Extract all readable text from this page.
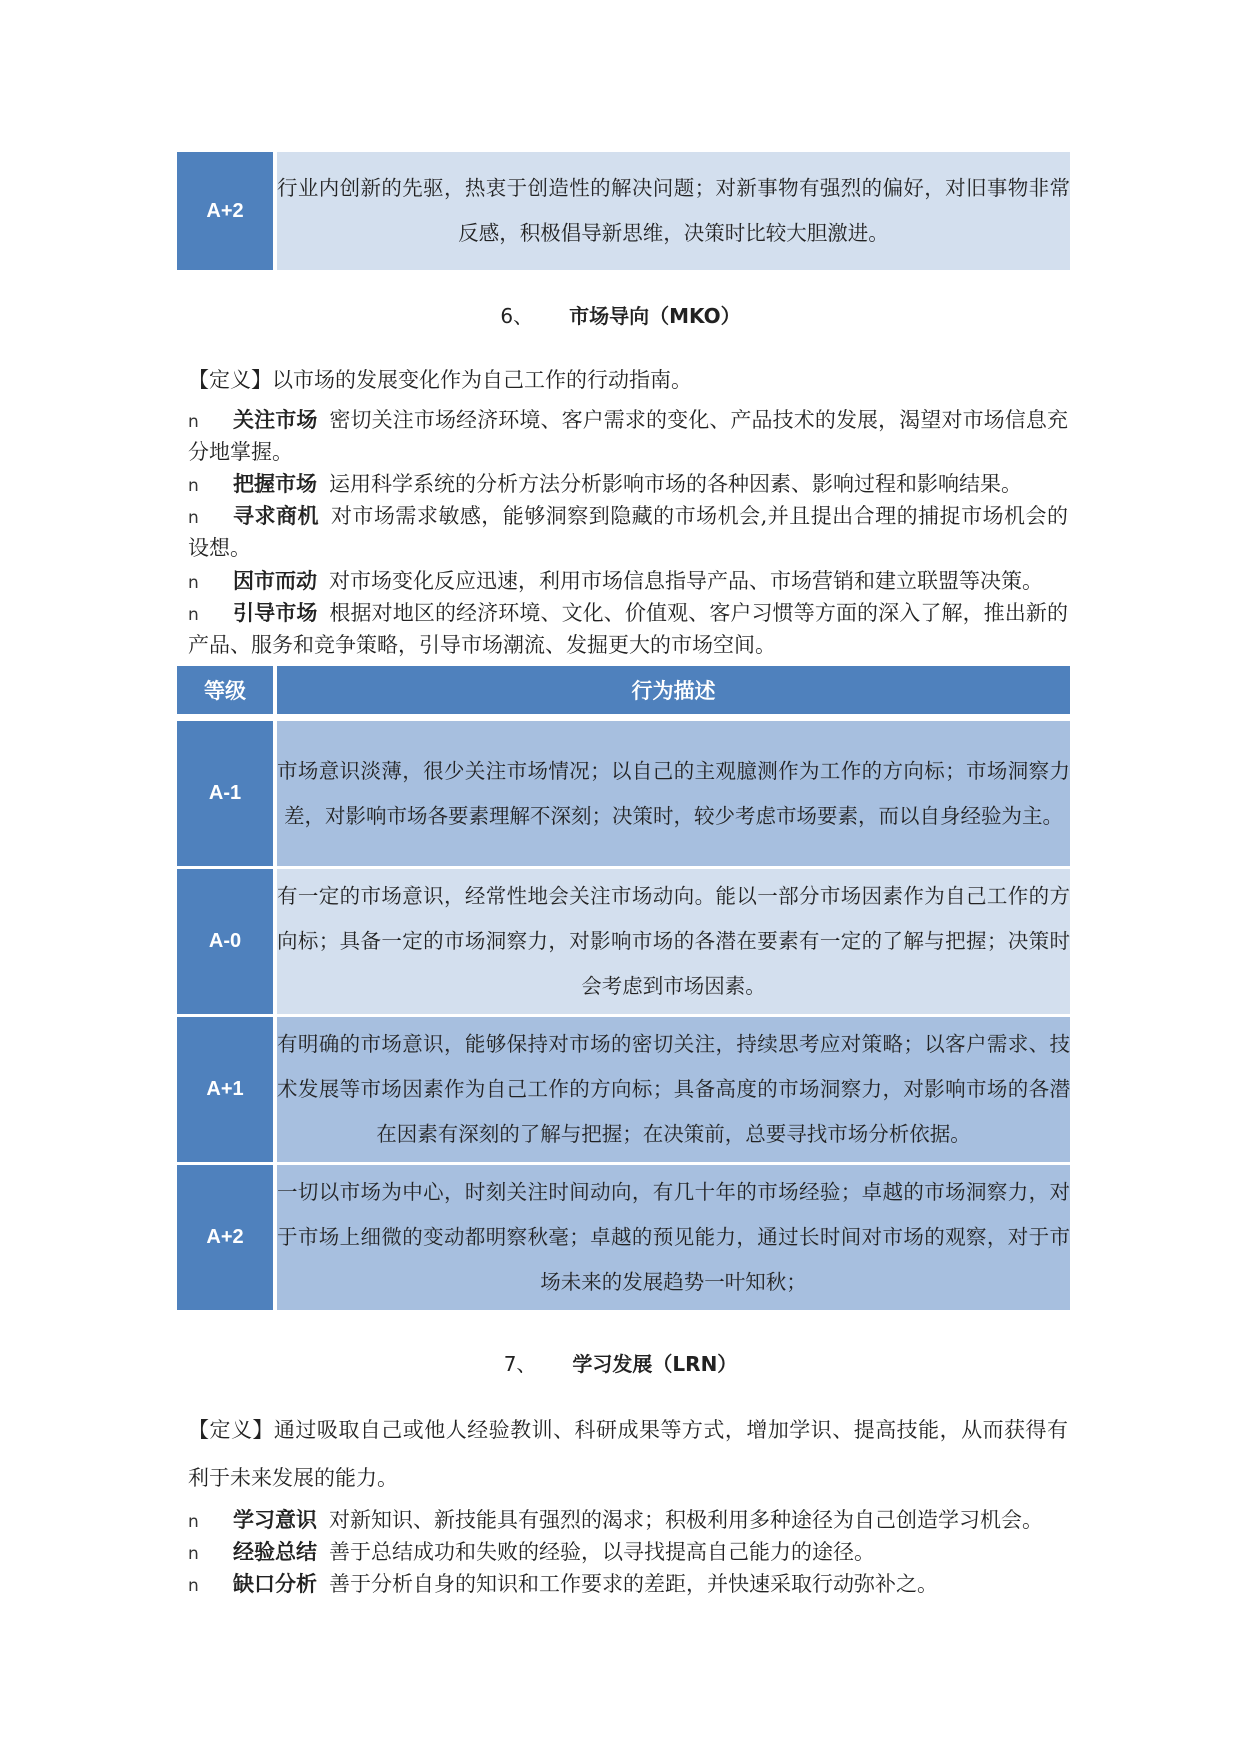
A+2	行业内创新的先驱，热衷于创造性的解决问题；对新事物有强烈的偏好，对旧事物非常反感，积极倡导新思维，决策时比较大胆激进。
6、 市场导向（MKO）
【定义】以市场的发展变化作为自己工作的行动指南。
n	关注市场 密切关注市场经济环境、客户需求的变化、产品技术的发展，渴望对市场信息充分地掌握。
n	把握市场 运用科学系统的分析方法分析影响市场的各种因素、影响过程和影响结果。
n	寻求商机 对市场需求敏感，能够洞察到隐藏的市场机会,并且提出合理的捕捉市场机会的设想。
n	因市而动 对市场变化反应迅速，利用市场信息指导产品、市场营销和建立联盟等决策。
n	引导市场 根据对地区的经济环境、文化、价值观、客户习惯等方面的深入了解，推出新的产品、服务和竞争策略，引导市场潮流、发掘更大的市场空间。
等级	行为描述
A-1	市场意识淡薄，很少关注市场情况；以自己的主观臆测作为工作的方向标；市场洞察力差，对影响市场各要素理解不深刻；决策时，较少考虑市场要素，而以自身经验为主。
A-0	有一定的市场意识，经常性地会关注市场动向。能以一部分市场因素作为自己工作的方向标；具备一定的市场洞察力，对影响市场的各潜在要素有一定的了解与把握；决策时会考虑到市场因素。
A+1	有明确的市场意识，能够保持对市场的密切关注，持续思考应对策略；以客户需求、技术发展等市场因素作为自己工作的方向标；具备高度的市场洞察力，对影响市场的各潜在因素有深刻的了解与把握；在决策前，总要寻找市场分析依据。
A+2	一切以市场为中心，时刻关注时间动向，有几十年的市场经验；卓越的市场洞察力，对于市场上细微的变动都明察秋毫；卓越的预见能力，通过长时间对市场的观察，对于市场未来的发展趋势一叶知秋；
7、 学习发展（LRN）
【定义】通过吸取自己或他人经验教训、科研成果等方式，增加学识、提高技能，从而获得有利于未来发展的能力。
n	学习意识 对新知识、新技能具有强烈的渴求；积极利用多种途径为自己创造学习机会。
n	经验总结 善于总结成功和失败的经验，以寻找提高自己能力的途径。
n	缺口分析 善于分析自身的知识和工作要求的差距，并快速采取行动弥补之。
